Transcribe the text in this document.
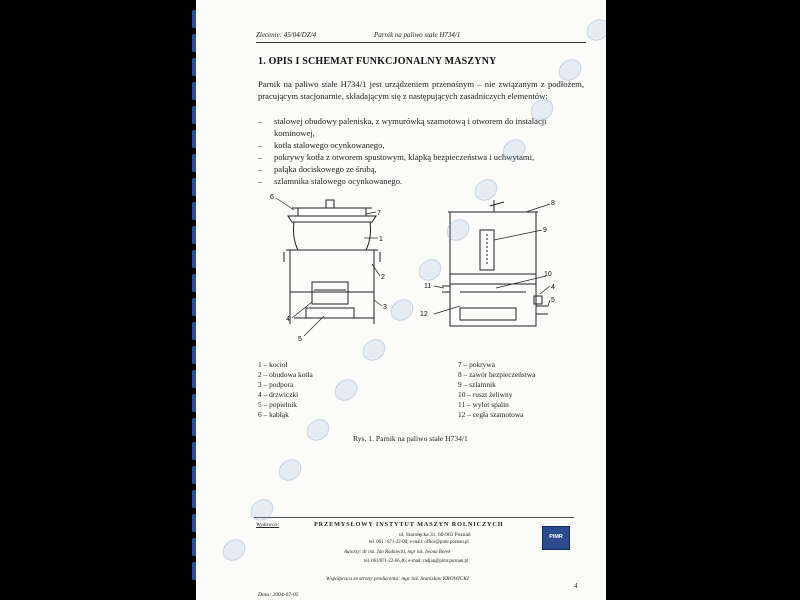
Zlecenie: 45/04/DZ/4	Parnik na paliwo stałe H734/1
1. OPIS I SCHEMAT FUNKCJONALNY MASZYNY
Parnik na paliwo stałe H734/1 jest urządzeniem przenośnym – nie związanym z podłożem, pracującym stacjonarnie, składającym się z następujących zasadniczych elementów:
– stalowej obudowy paleniska, z wymurówką szamotową i otworem do instalacji kominowej,
– kotła stalowego ocynkowanego,
– pokrywy kotła z otworem spustowym, klapką bezpieczeństwa i uchwytami,
– pałąka dociskowego ze śrubą,
– szlamnika stalowego ocynkowanego.
6
7
1
2
3
4
5
8
9
10
11
12
4
5
1 – kocioł
2 – obudowa kotła
3 – podpora
4 – drzwiczki
5 – popielnik
6 – kabłąk
7 – pokrywa
8 – zawór bezpieczeństwa
9 – szlamnik
10 – ruszt żeliwny
11 – wylot spalin
12 – cegła szamotowa
Rys. 1. Parnik na paliwo stałe H734/1
Wydawca:	PRZEMYSŁOWY INSTYTUT MASZYN ROLNICZYCH
ul. Starołęcka 31, 60-963 Poznań
tel. 061 / 871-22-00; e-mail: office@pimr.poznan.pl
Autorzy: dr inż. Jan Radniecki, mgr inż. Iwona Borek
tel. 061/871-22-66,46; e-mail: radjan@pimr.poznan.pl
Współpraca ze strony producenta: mgr inż. Stanisław KROWICKI
PIMR
4
Data: 2004-07-05
